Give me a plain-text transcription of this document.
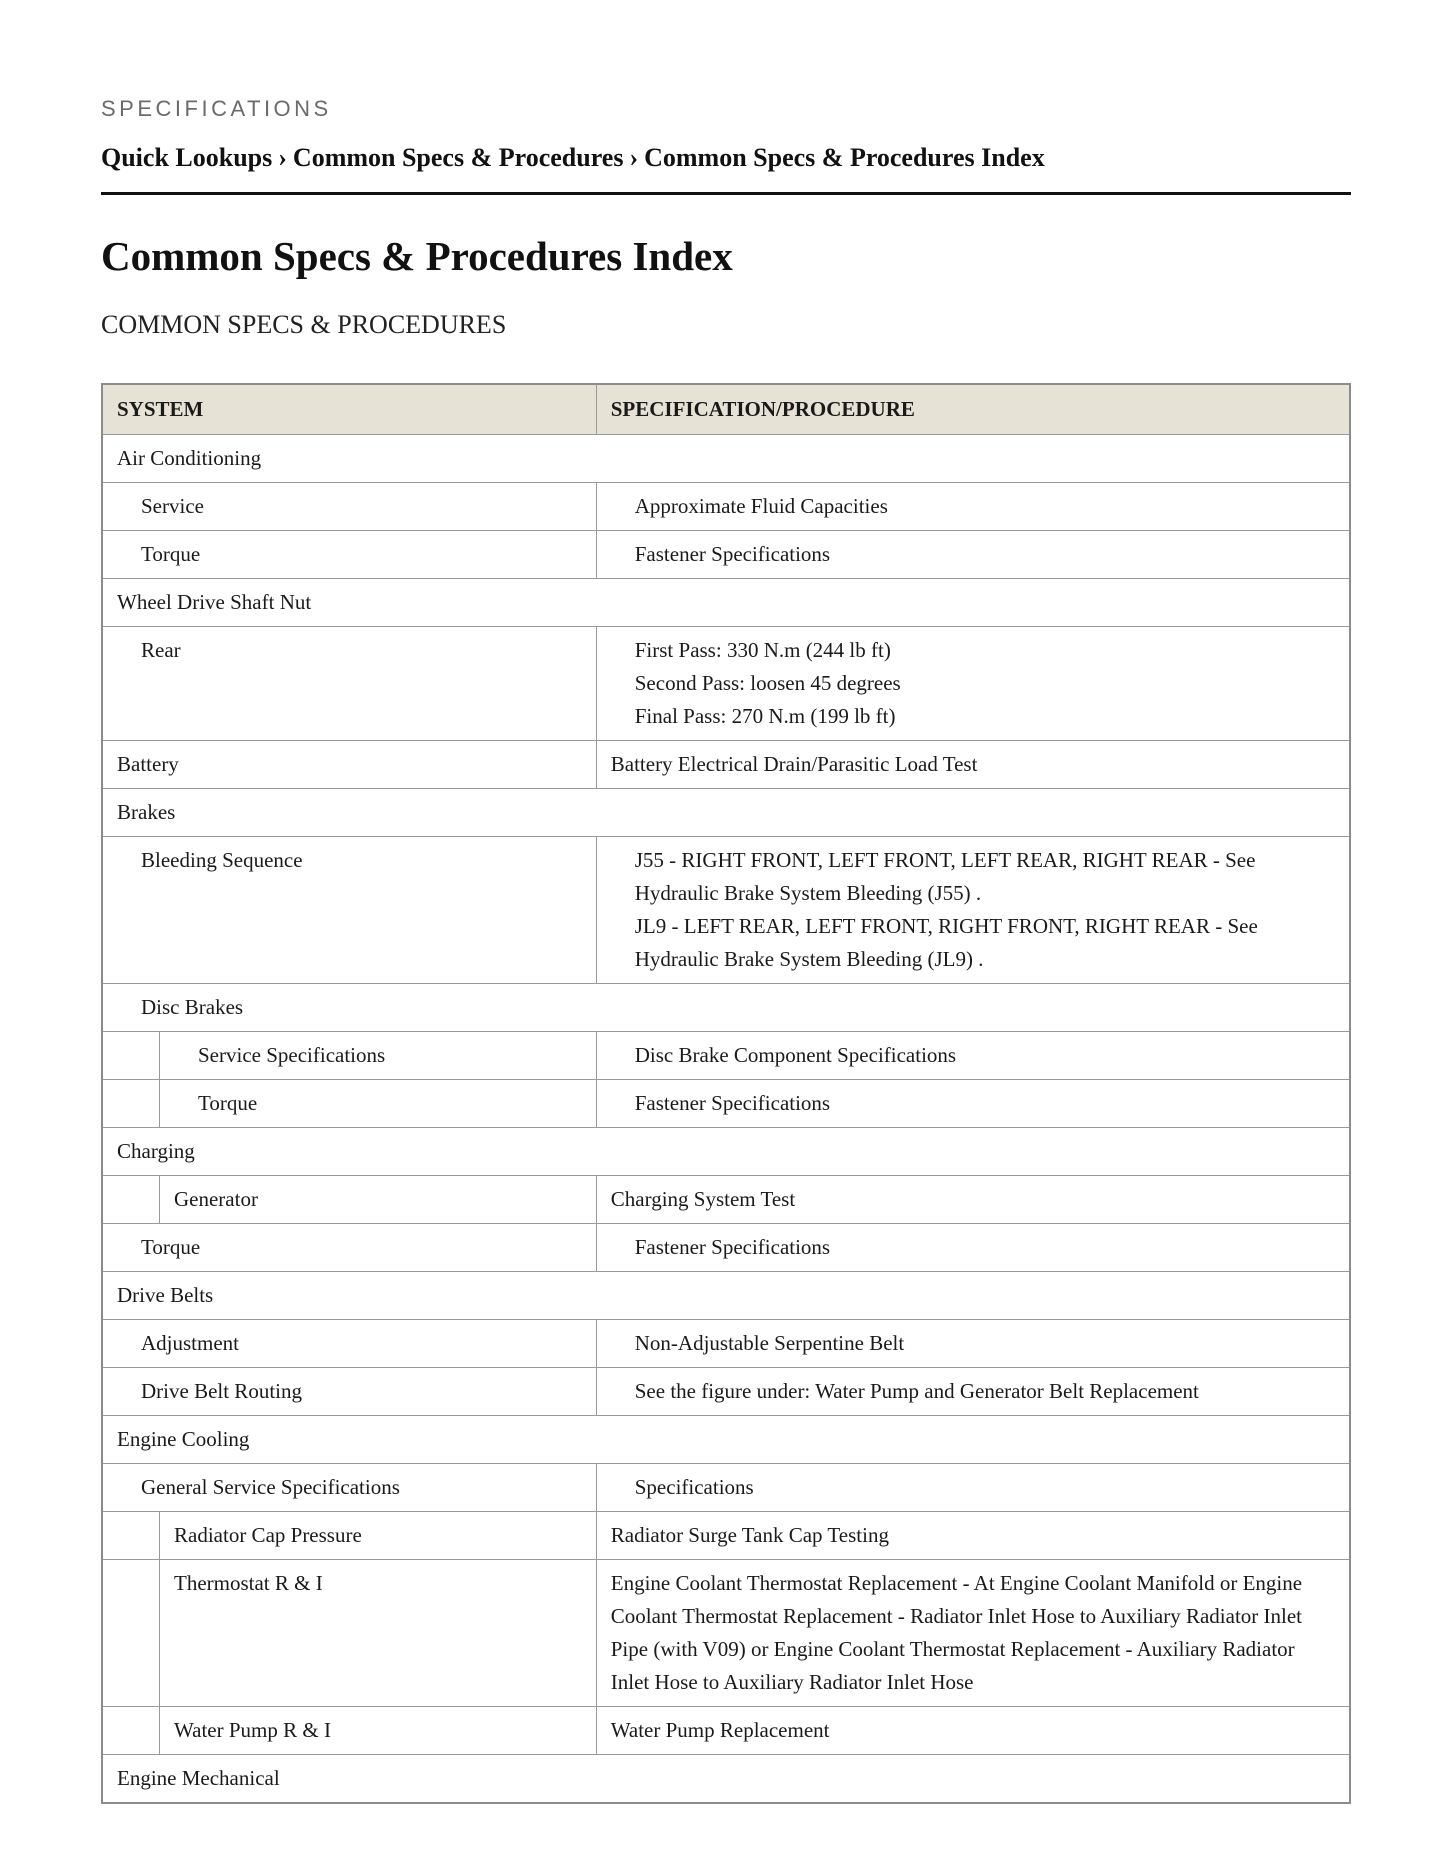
SPECIFICATIONS
Quick Lookups › Common Specs & Procedures › Common Specs & Procedures Index
Common Specs & Procedures Index
COMMON SPECS & PROCEDURES
SYSTEM	SPECIFICATION/PROCEDURE
Air Conditioning	
Service	Approximate Fluid Capacities
Torque	Fastener Specifications
Wheel Drive Shaft Nut	
Rear	First Pass: 330 N.m (244 lb ft)
Second Pass: loosen 45 degrees
Final Pass: 270 N.m (199 lb ft)

Battery	Battery Electrical Drain/Parasitic Load Test
Brakes	
Bleeding Sequence	J55 - RIGHT FRONT, LEFT FRONT, LEFT REAR, RIGHT REAR - See
Hydraulic Brake System Bleeding (J55) .
JL9 - LEFT REAR, LEFT FRONT, RIGHT FRONT, RIGHT REAR - See
Hydraulic Brake System Bleeding (JL9) .

Disc Brakes	

Service Specifications	Disc Brake Component Specifications

Torque	Fastener Specifications
Charging	

Generator	Charging System Test
Torque	Fastener Specifications
Drive Belts	
Adjustment	Non-Adjustable Serpentine Belt
Drive Belt Routing	See the figure under: Water Pump and Generator Belt Replacement
Engine Cooling	
General Service Specifications	Specifications

Radiator Cap Pressure	Radiator Surge Tank Cap Testing

Thermostat R & I	Engine Coolant Thermostat Replacement - At Engine Coolant Manifold or Engine
Coolant Thermostat Replacement - Radiator Inlet Hose to Auxiliary Radiator Inlet
Pipe (with V09) or Engine Coolant Thermostat Replacement - Auxiliary Radiator
Inlet Hose to Auxiliary Radiator Inlet Hose

Water Pump R & I	Water Pump Replacement
Engine Mechanical	
